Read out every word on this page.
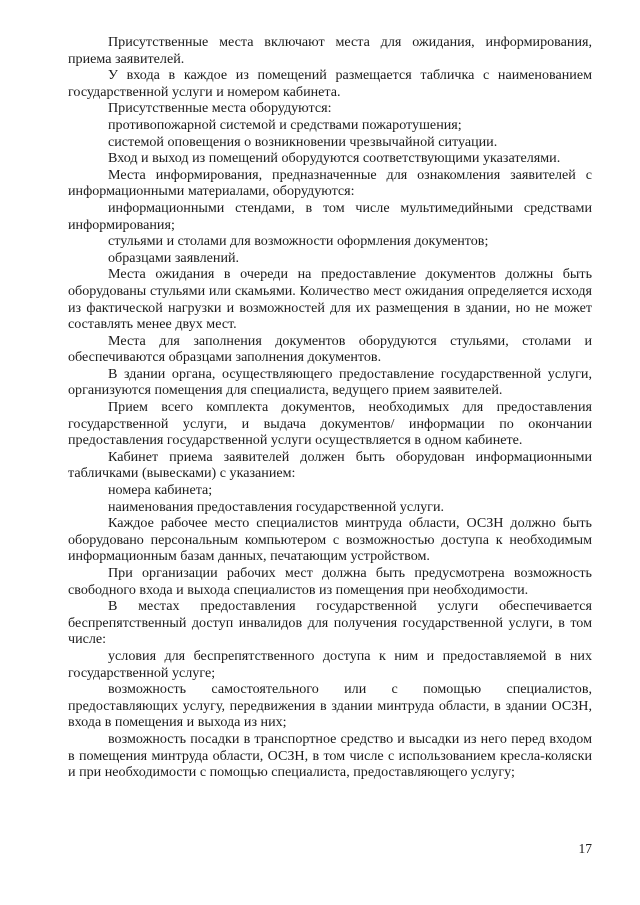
Присутственные места включают места для ожидания, информирования, приема заявителей.

У входа в каждое из помещений размещается табличка с наименованием государственной услуги и номером кабинета.

Присутственные места оборудуются:

противопожарной системой и средствами пожаротушения;

системой оповещения о возникновении чрезвычайной ситуации.

Вход и выход из помещений оборудуются соответствующими указателями.

Места информирования, предназначенные для ознакомления заявителей с информационными материалами, оборудуются:

информационными стендами, в том числе мультимедийными средствами информирования;

стульями и столами для возможности оформления документов;

образцами заявлений.

Места ожидания в очереди на предоставление документов должны быть оборудованы стульями или скамьями. Количество мест ожидания определяется исходя из фактической нагрузки и возможностей для их размещения в здании, но не может составлять менее двух мест.

Места для заполнения документов оборудуются стульями, столами и обеспечиваются образцами заполнения документов.

В здании органа, осуществляющего предоставление государственной услуги, организуются помещения для специалиста, ведущего прием заявителей.

Прием всего комплекта документов, необходимых для предоставления государственной услуги, и выдача документов/ информации по окончании предоставления государственной услуги осуществляется в одном кабинете.

Кабинет приема заявителей должен быть оборудован информационными табличками (вывесками) с указанием:

номера кабинета;

наименования предоставления государственной услуги.

Каждое рабочее место специалистов минтруда области, ОСЗН должно быть оборудовано персональным компьютером с возможностью доступа к необходимым информационным базам данных, печатающим устройством.

При организации рабочих мест должна быть предусмотрена возможность свободного входа и выхода специалистов из помещения при необходимости.

В местах предоставления государственной услуги обеспечивается беспрепятственный доступ инвалидов для получения государственной услуги, в том числе:

условия для беспрепятственного доступа к ним и предоставляемой в них государственной услуге;

возможность самостоятельного или с помощью специалистов, предоставляющих услугу, передвижения в здании минтруда области, в здании ОСЗН, входа в помещения и выхода из них;

возможность посадки в транспортное средство и высадки из него перед входом в помещения минтруда области, ОСЗН, в том числе с использованием кресла-коляски и при необходимости с помощью специалиста, предоставляющего услугу;

17
